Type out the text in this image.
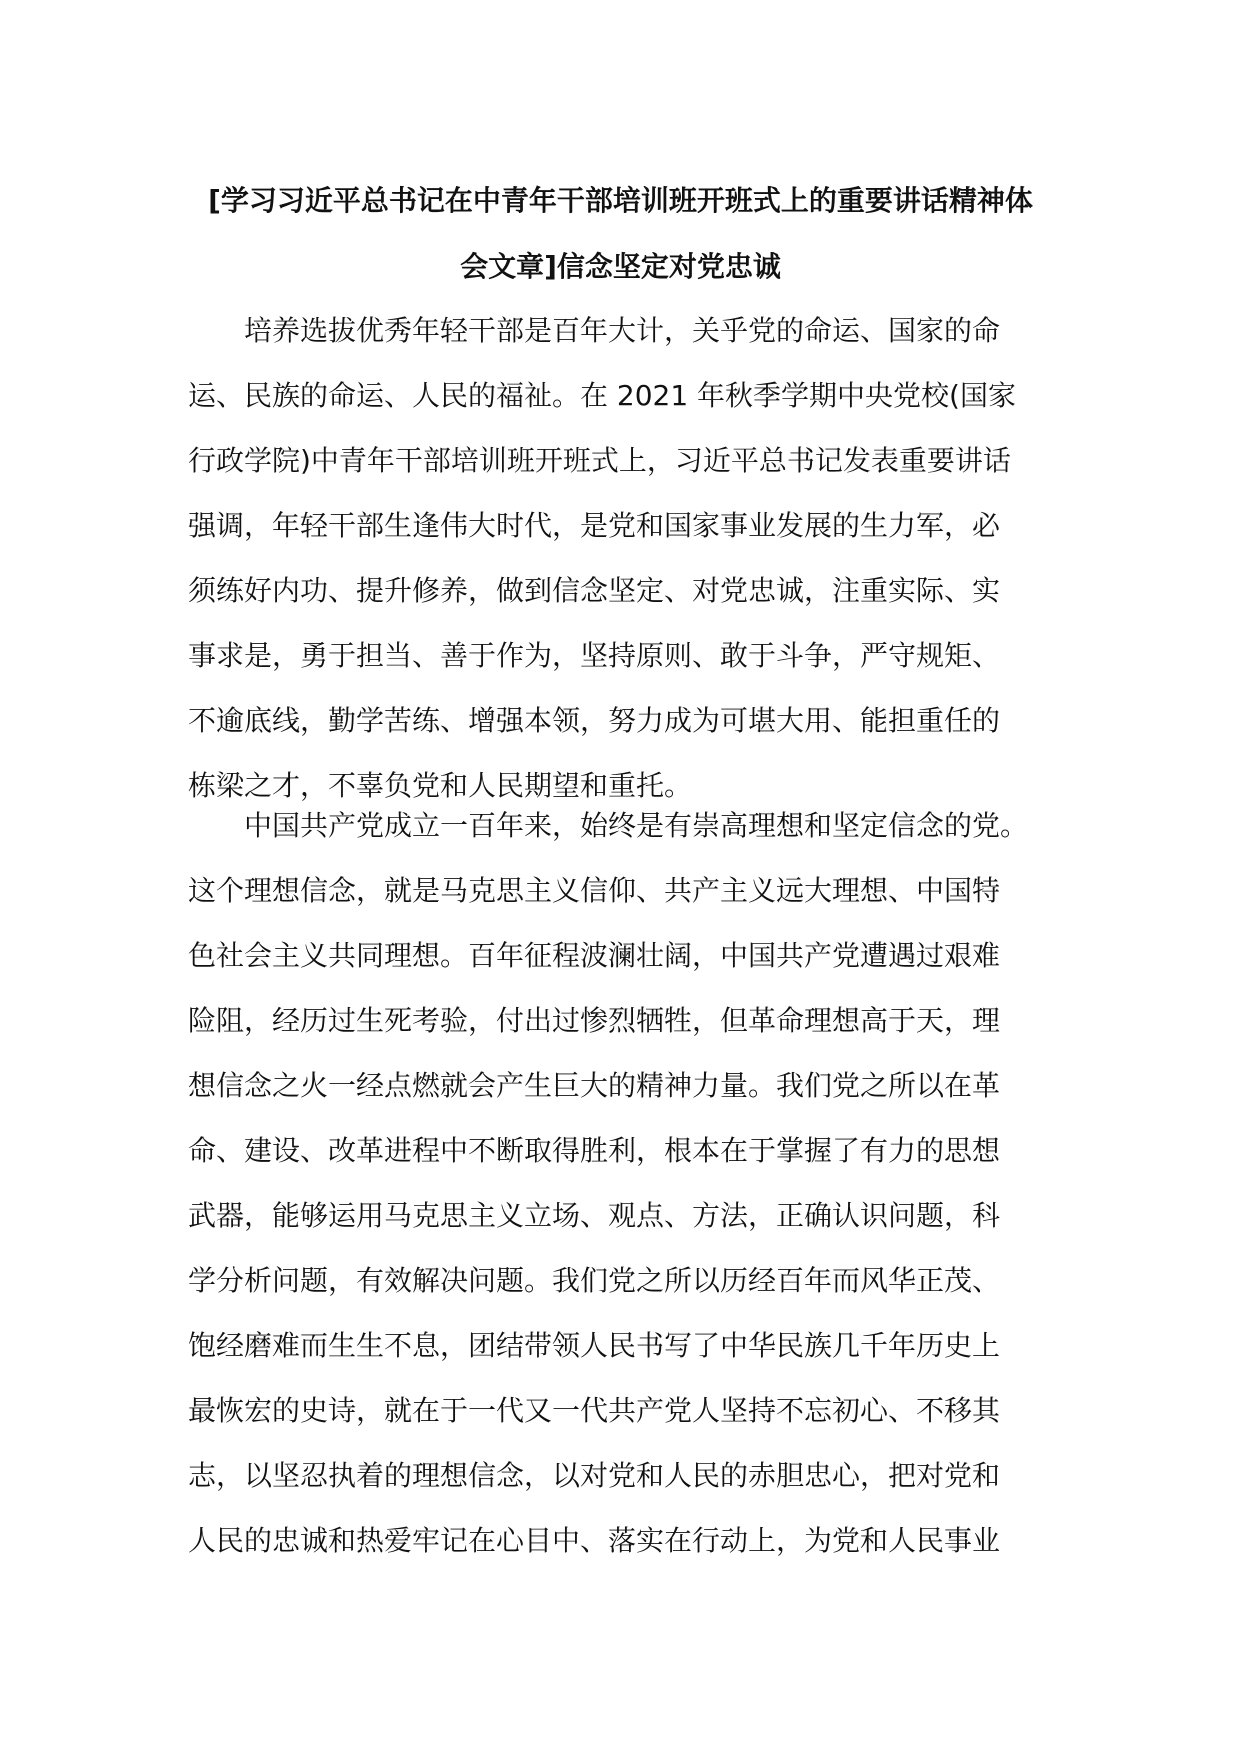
[学习习近平总书记在中青年干部培训班开班式上的重要讲话精神体
会文章]信念坚定对党忠诚
　　培养选拔优秀年轻干部是百年大计，关乎党的命运、国家的命
运、民族的命运、人民的福祉。在 2021 年秋季学期中央党校(国家
行政学院)中青年干部培训班开班式上，习近平总书记发表重要讲话
强调，年轻干部生逢伟大时代，是党和国家事业发展的生力军，必
须练好内功、提升修养，做到信念坚定、对党忠诚，注重实际、实
事求是，勇于担当、善于作为，坚持原则、敢于斗争，严守规矩、
不逾底线，勤学苦练、增强本领，努力成为可堪大用、能担重任的
栋梁之才，不辜负党和人民期望和重托。
　　中国共产党成立一百年来，始终是有崇高理想和坚定信念的党。
这个理想信念，就是马克思主义信仰、共产主义远大理想、中国特
色社会主义共同理想。百年征程波澜壮阔，中国共产党遭遇过艰难
险阻，经历过生死考验，付出过惨烈牺牲，但革命理想高于天，理
想信念之火一经点燃就会产生巨大的精神力量。我们党之所以在革
命、建设、改革进程中不断取得胜利，根本在于掌握了有力的思想
武器，能够运用马克思主义立场、观点、方法，正确认识问题，科
学分析问题，有效解决问题。我们党之所以历经百年而风华正茂、
饱经磨难而生生不息，团结带领人民书写了中华民族几千年历史上
最恢宏的史诗，就在于一代又一代共产党人坚持不忘初心、不移其
志，以坚忍执着的理想信念，以对党和人民的赤胆忠心，把对党和
人民的忠诚和热爱牢记在心目中、落实在行动上，为党和人民事业
